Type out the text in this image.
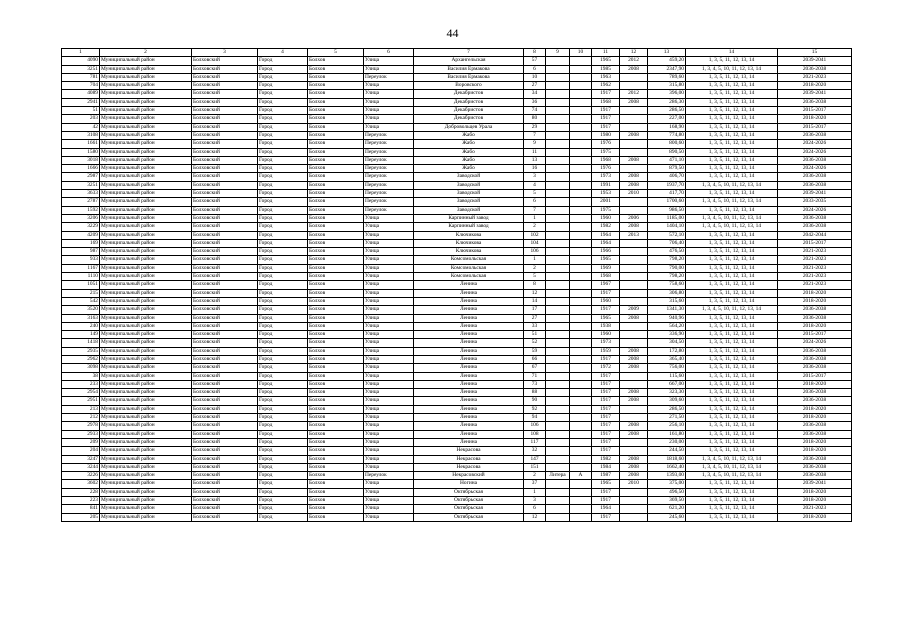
44
1	2	3	4	5	6	7	8	9	10	11	12	13	14	15
4090	Муниципальный район	Болховский	Город	Болхов	Улица	Архангельская	57			1965	2012	459,20	1, 3, 5, 11, 12, 13, 14	2039-2041
3251	Муниципальный район	Болховский	Город	Болхов	Улица	Василия Ермакова	6			1985	2008	2347,90	1, 3, 4, 5, 10, 11, 12, 13, 14	2036-2038
781	Муниципальный район	Болховский	Город	Болхов	Переулок	Василия Ермакова	10			1963		789,60	1, 3, 5, 11, 12, 13, 14	2021-2023
704	Муниципальный район	Болховский	Город	Болхов	Улица	Воровского	27			1962		315,80	1, 3, 5, 11, 12, 13, 14	2018-2020
4089	Муниципальный район	Болховский	Город	Болхов	Улица	Декабристов	34			1917	2012	396,00	1, 3, 5, 11, 12, 13, 14	2039-2041
2941	Муниципальный район	Болховский	Город	Болхов	Улица	Декабристов	36			1968	2008	286,30	1, 3, 5, 11, 12, 13, 14	2036-2038
51	Муниципальный район	Болховский	Город	Болхов	Улица	Декабристов	74			1917		286,50	1, 3, 5, 11, 12, 13, 14	2015-2017
203	Муниципальный район	Болховский	Город	Болхов	Улица	Декабристов	80			1917		227,00	1, 3, 5, 11, 12, 13, 14	2018-2020
42	Муниципальный район	Болховский	Город	Болхов	Улица	Добровольцев Урала	29			1917		168,90	1, 3, 5, 11, 12, 13, 14	2015-2017
3108	Муниципальный район	Болховский	Город	Болхов	Переулок	Жабо	7			1980	2008	774,80	1, 3, 5, 11, 12, 13, 14	2036-2038
1661	Муниципальный район	Болховский	Город	Болхов	Переулок	Жабо	9			1976		800,60	1, 3, 5, 11, 12, 13, 14	2024-2026
1580	Муниципальный район	Болховский	Город	Болхов	Переулок	Жабо	11			1975		890,50	1, 3, 5, 11, 12, 13, 14	2024-2026
3018	Муниципальный район	Болховский	Город	Болхов	Переулок	Жабо	13			1968	2008	471,10	1, 3, 5, 11, 12, 13, 14	2036-2038
1666	Муниципальный район	Болховский	Город	Болхов	Переулок	Жабо	16			1976		879,50	1, 3, 5, 11, 12, 13, 14	2024-2026
2987	Муниципальный район	Болховский	Город	Болхов	Переулок	Заводской	3			1973	2008	406,70	1, 3, 5, 11, 12, 13, 14	2036-2038
3251	Муниципальный район	Болховский	Город	Болхов	Переулок	Заводской	4			1991	2008	1937,70	1, 3, 4, 5, 10, 11, 12, 13, 14	2036-2038
3633	Муниципальный район	Болховский	Город	Болхов	Переулок	Заводской	5			1953	2010	417,70	1, 3, 5, 11, 12, 13, 14	2039-2041
2787	Муниципальный район	Болховский	Город	Болхов	Переулок	Заводской	6			2001		1700,60	1, 3, 4, 5, 10, 11, 12, 13, 14	2033-2035
1592	Муниципальный район	Болховский	Город	Болхов	Переулок	Заводской	7			1975		986,50	1, 3, 5, 11, 12, 13, 14	2024-2026
3206	Муниципальный район	Болховский	Город	Болхов	Улица	Карпинный завод	1			1960	2006	1185,00	1, 3, 4, 5, 10, 11, 12, 13, 14	2036-2038
3229	Муниципальный район	Болховский	Город	Болхов	Улица	Карпинный завод	2			1982	2008	1404,10	1, 3, 4, 5, 10, 11, 12, 13, 14	2036-2038
4209	Муниципальный район	Болховский	Город	Болхов	Улица	Ключикова	102			1964	2013	572,10	1, 3, 5, 11, 12, 13, 14	2042-2044
169	Муниципальный район	Болховский	Город	Болхов	Улица	Ключикова	104			1964		706,40	1, 3, 5, 11, 12, 13, 14	2015-2017
987	Муниципальный район	Болховский	Город	Болхов	Улица	Ключикова	106			1966		476,50	1, 3, 5, 11, 12, 13, 14	2021-2023
933	Муниципальный район	Болховский	Город	Болхов	Улица	Комсомольская	1			1965		798,20	1, 3, 5, 11, 12, 13, 14	2021-2023
1167	Муниципальный район	Болховский	Город	Болхов	Улица	Комсомольская	2			1969		790,00	1, 3, 5, 11, 12, 13, 14	2021-2023
1110	Муниципальный район	Болховский	Город	Болхов	Улица	Комсомольская	5			1968		798,20	1, 3, 5, 11, 12, 13, 14	2021-2023
1051	Муниципальный район	Болховский	Город	Болхов	Улица	Ленина	8			1967		758,60	1, 3, 5, 11, 12, 13, 14	2021-2023
215	Муниципальный район	Болховский	Город	Болхов	Улица	Ленина	12			1917		306,80	1, 3, 5, 11, 12, 13, 14	2018-2020
542	Муниципальный район	Болховский	Город	Болхов	Улица	Ленина	14			1960		315,60	1, 3, 5, 11, 12, 13, 14	2018-2020
3520	Муниципальный район	Болховский	Город	Болхов	Улица	Ленина	17			1917	2009	1341,30	1, 3, 4, 5, 10, 11, 12, 13, 14	2036-2038
3163	Муниципальный район	Болховский	Город	Болхов	Улица	Ленина	27			1965	2008	940,96	1, 3, 5, 11, 12, 13, 14	2036-2038
240	Муниципальный район	Болховский	Город	Болхов	Улица	Ленина	33			1938		564,20	1, 3, 5, 11, 12, 13, 14	2018-2020
149	Муниципальный район	Болховский	Город	Болхов	Улица	Ленина	51			1960		336,90	1, 3, 5, 11, 12, 13, 14	2015-2017
1418	Муниципальный район	Болховский	Город	Болхов	Улица	Ленина	52			1973		304,50	1, 3, 5, 11, 12, 13, 14	2024-2026
2935	Муниципальный район	Болховский	Город	Болхов	Улица	Ленина	59			1959	2008	172,80	1, 3, 5, 11, 12, 13, 14	2036-2038
2962	Муниципальный район	Болховский	Город	Болхов	Улица	Ленина	66			1917	2008	365,40	1, 3, 5, 11, 12, 13, 14	2036-2038
3098	Муниципальный район	Болховский	Город	Болхов	Улица	Ленина	67			1972	2008	756,00	1, 3, 5, 11, 12, 13, 14	2036-2038
38	Муниципальный район	Болховский	Город	Болхов	Улица	Ленина	71			1917		115,60	1, 3, 5, 11, 12, 13, 14	2015-2017
233	Муниципальный район	Болховский	Город	Болхов	Улица	Ленина	73			1917		667,00	1, 3, 5, 11, 12, 13, 14	2018-2020
2954	Муниципальный район	Болховский	Город	Болхов	Улица	Ленина	88			1917	2008	323,30	1, 3, 5, 11, 12, 13, 14	2036-2038
2951	Муниципальный район	Болховский	Город	Болхов	Улица	Ленина	90			1917	2008	309,60	1, 3, 5, 11, 12, 13, 14	2036-2038
213	Муниципальный район	Болховский	Город	Болхов	Улица	Ленина	92			1917		286,50	1, 3, 5, 11, 12, 13, 14	2018-2020
212	Муниципальный район	Болховский	Город	Болхов	Улица	Ленина	94			1917		271,50	1, 3, 5, 11, 12, 13, 14	2018-2020
2978	Муниципальный район	Болховский	Город	Болхов	Улица	Ленина	106			1917	2008	256,10	1, 3, 5, 11, 12, 13, 14	2036-2038
2933	Муниципальный район	Болховский	Город	Болхов	Улица	Ленина	108			1917	2008	161,80	1, 3, 5, 11, 12, 13, 14	2036-2038
209	Муниципальный район	Болховский	Город	Болхов	Улица	Ленина	117			1917		230,00	1, 3, 5, 11, 12, 13, 14	2018-2020
204	Муниципальный район	Болховский	Город	Болхов	Улица	Некрасова	32			1917		244,50	1, 3, 5, 11, 12, 13, 14	2018-2020
3247	Муниципальный район	Болховский	Город	Болхов	Улица	Некрасова	147			1982	2008	1818,60	1, 3, 4, 5, 10, 11, 12, 13, 14	2036-2038
3244	Муниципальный район	Болховский	Город	Болхов	Улица	Некрасова	151			1984	2008	1662,40	1, 3, 4, 5, 10, 11, 12, 13, 14	2036-2038
3226	Муниципальный район	Болховский	Город	Болхов	Переулок	Некрасовский	2	Литера	А	1987	2008	1393,00	1, 3, 4, 5, 10, 11, 12, 13, 14	2036-2038
3602	Муниципальный район	Болховский	Город	Болхов	Улица	Ногина	37			1965	2010	375,00	1, 3, 5, 11, 12, 13, 14	2039-2041
228	Муниципальный район	Болховский	Город	Болхов	Улица	Октябрьская	1			1917		496,50	1, 3, 5, 11, 12, 13, 14	2018-2020
223	Муниципальный район	Болховский	Город	Болхов	Улица	Октябрьская	3			1917		369,50	1, 3, 5, 11, 12, 13, 14	2018-2020
841	Муниципальный район	Болховский	Город	Болхов	Улица	Октябрьская	6			1964		621,20	1, 3, 5, 11, 12, 13, 14	2021-2023
205	Муниципальный район	Болховский	Город	Болхов	Улица	Октябрьская	12			1917		245,60	1, 3, 5, 11, 12, 13, 14	2018-2020
